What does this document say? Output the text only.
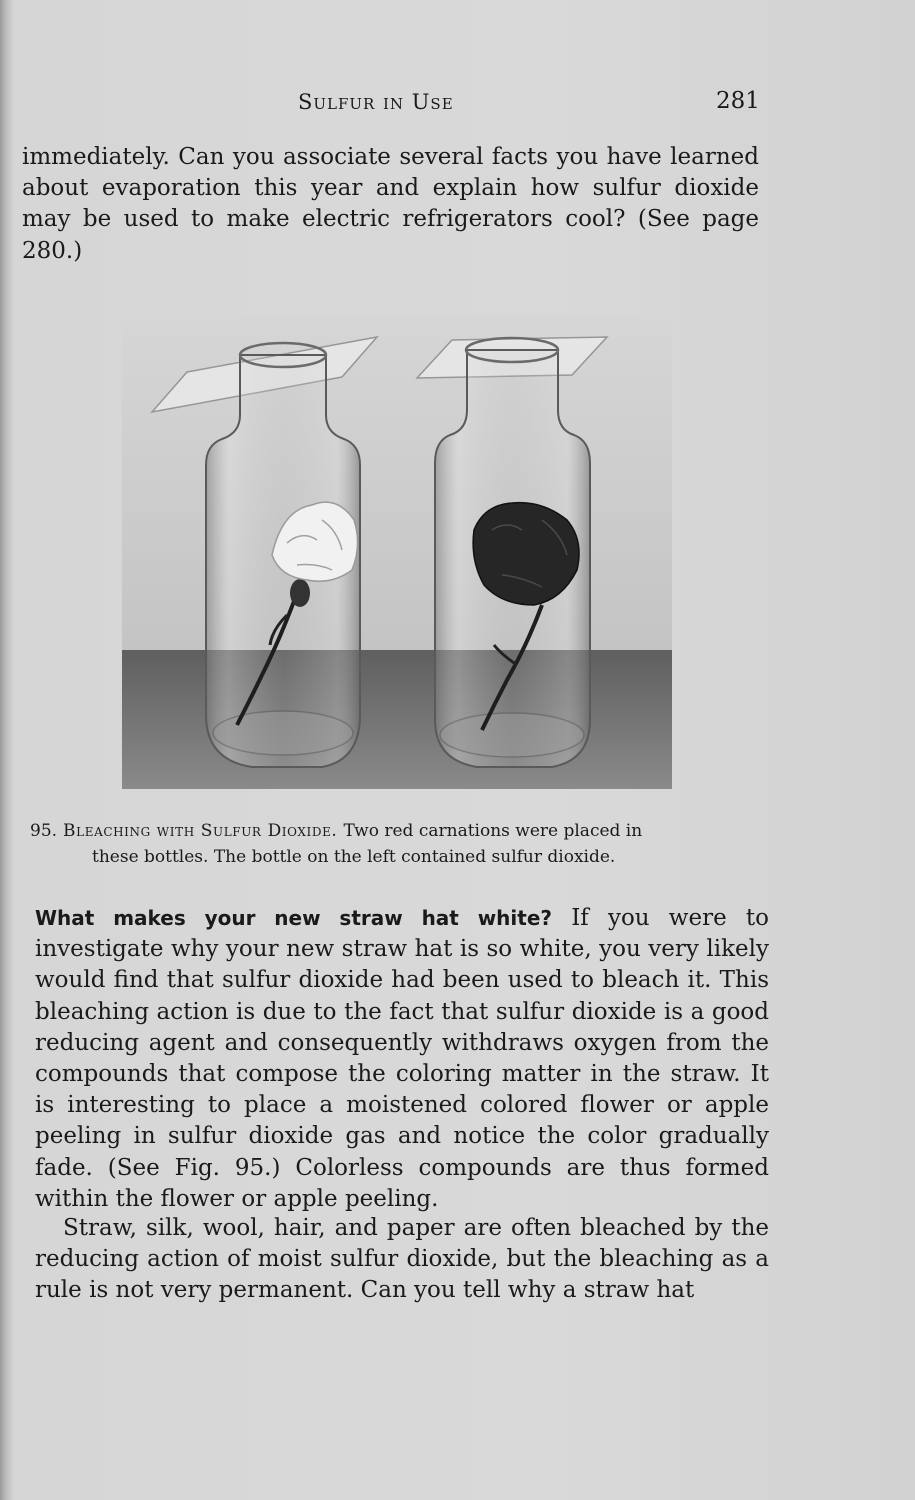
Sulfur in Use	281

immediately. Can you associate several facts you have learned about evaporation this year and explain how sulfur dioxide may be used to make electric refrigerators cool? (See page 280.)

95. Bleaching with Sulfur Dioxide. Two red carnations were placed in
these bottles. The bottle on the left contained sulfur dioxide.

What makes your new straw hat white? If you were to investigate why your new straw hat is so white, you very likely would find that sulfur dioxide had been used to bleach it. This bleaching action is due to the fact that sulfur dioxide is a good reducing agent and consequently withdraws oxygen from the compounds that compose the coloring matter in the straw. It is interesting to place a moistened colored flower or apple peeling in sulfur dioxide gas and notice the color gradually fade. (See Fig. 95.) Colorless compounds are thus formed within the flower or apple peeling.

Straw, silk, wool, hair, and paper are often bleached by the reducing action of moist sulfur dioxide, but the bleaching as a rule is not very permanent. Can you tell why a straw hat
